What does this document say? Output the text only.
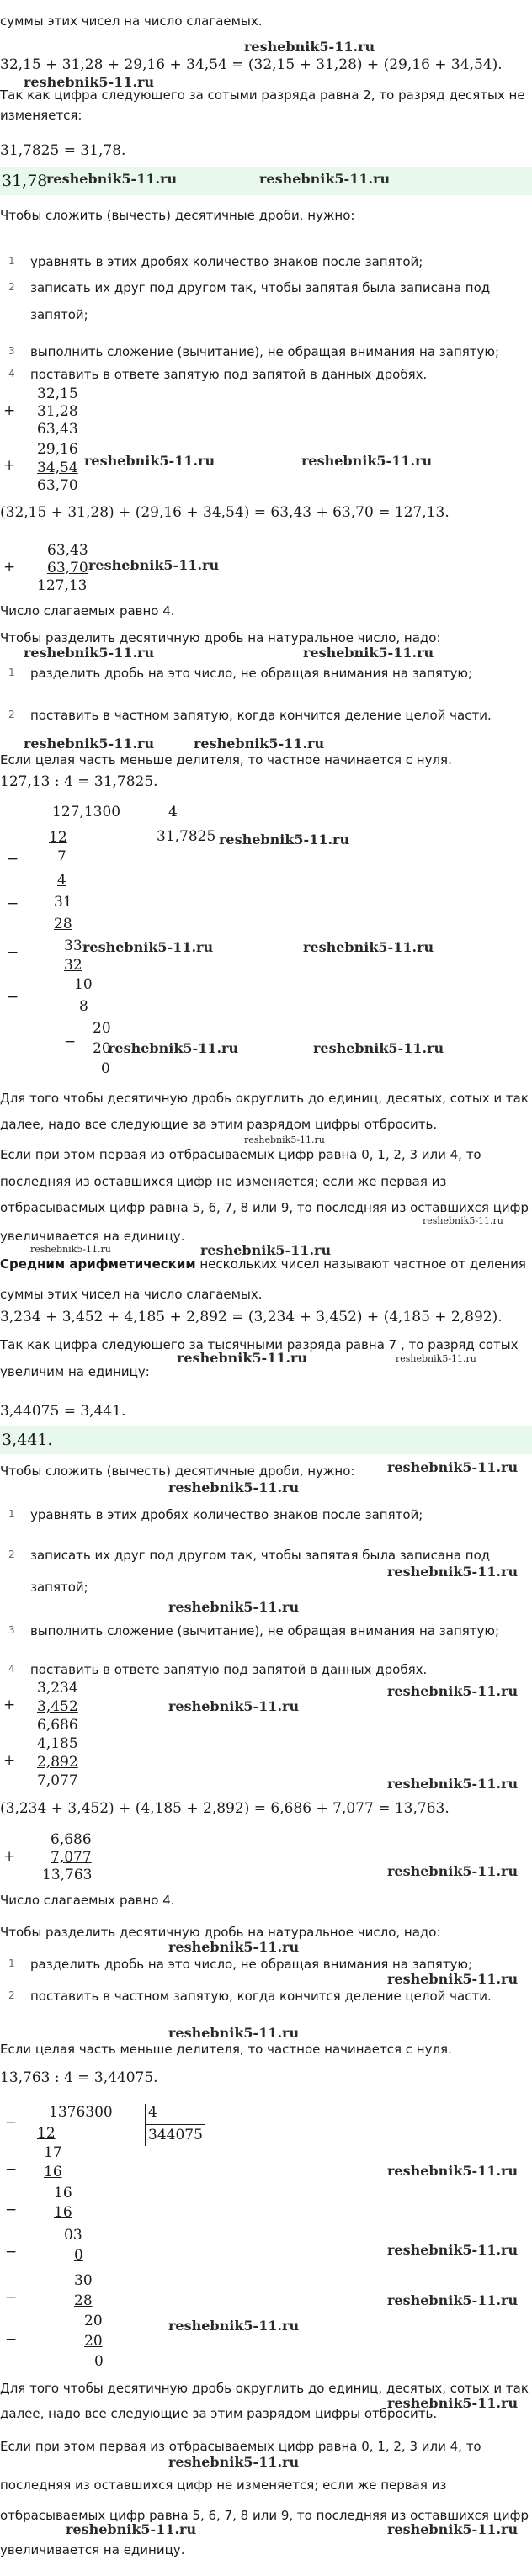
суммы этих чисел на число слагаемых.
reshebnik5-11.ru
32,15 + 31,28 + 29,16 + 34,54 = (32,15 + 31,28) + (29,16 + 34,54).
reshebnik5-11.ru
Так как цифра следующего за сотыми разряда равна 2, то разряд десятых не
изменяется:
31,7825 = 31,78.
31,78
reshebnik5-11.ru	reshebnik5-11.ru
Чтобы сложить (вычесть) десятичные дроби, нужно:
1 уравнять в этих дробях количество знаков после запятой;
2 записать их друг под другом так, чтобы запятая была записана под
запятой;
3 выполнить сложение (вычитание), не обращая внимания на запятую;
4 поставить в ответе запятую под запятой в данных дробях.
+
32,15
31,28
63,43
+
29,16
34,54
63,70
reshebnik5-11.ru	reshebnik5-11.ru
(32,15 + 31,28) + (29,16 + 34,54) = 63,43 + 63,70 = 127,13.
+
63,43
63,70
127,13
reshebnik5-11.ru
Число слагаемых равно 4.
Чтобы разделить десятичную дробь на натуральное число, надо:
reshebnik5-11.ru	reshebnik5-11.ru
1 разделить дробь на это число, не обращая внимания на запятую;
2 поставить в частном запятую, когда кончится деление целой части.
reshebnik5-11.ru	reshebnik5-11.ru
Если целая часть меньше делителя, то частное начинается с нуля.
127,13 : 4 = 31,7825.
127,1300	4
31,7825 reshebnik5-11.ru
−
12
7
−
4
31
−
28
33
32
reshebnik5-11.ru	reshebnik5-11.ru
10
−
8
20
− 20
0
reshebnik5-11.ru	reshebnik5-11.ru
Для того чтобы десятичную дробь округлить до единиц, десятых, сотых и так
далее, надо все следующие за этим разрядом цифры отбросить.
Если при этом первая из отбрасываемых цифр равна 0, 1, 2, 3 или 4, то
reshebnik5-11.ru
последняя из оставшихся цифр не изменяется; если же первая из
отбрасываемых цифр равна 5, 6, 7, 8 или 9, то последняя из оставшихся цифр
reshebnik5-11.ru
увеличивается на единицу.
reshebnik5-11.ru	reshebnik5-11.ru
Средним арифметическим нескольких чисел называют частное от деления
суммы этих чисел на число слагаемых.
3,234 + 3,452 + 4,185 + 2,892 = (3,234 + 3,452) + (4,185 + 2,892).
Так как цифра следующего за тысячными разряда равна 7 , то разряд сотых
reshebnik5-11.ru	reshebnik5-11.ru
увеличим на единицу:
3,44075 = 3,441.
3,441.
Чтобы сложить (вычесть) десятичные дроби, нужно: reshebnik5-11.ru
reshebnik5-11.ru
1 уравнять в этих дробях количество знаков после запятой;
2 записать их друг под другом так, чтобы запятая была записана под
reshebnik5-11.ru
запятой;
reshebnik5-11.ru
3 выполнить сложение (вычитание), не обращая внимания на запятую;
4 поставить в ответе запятую под запятой в данных дробях.
+
3,234
3,452
6,686
reshebnik5-11.ru
reshebnik5-11.ru
+
4,185
2,892
7,077	reshebnik5-11.ru
(3,234 + 3,452) + (4,185 + 2,892) = 6,686 + 7,077 = 13,763.
+
6,686
7,077
13,763	reshebnik5-11.ru
Число слагаемых равно 4.
Чтобы разделить десятичную дробь на натуральное число, надо:
reshebnik5-11.ru
1 разделить дробь на это число, не обращая внимания на запятую;
reshebnik5-11.ru
2 поставить в частном запятую, когда кончится деление целой части.
reshebnik5-11.ru
Если целая часть меньше делителя, то частное начинается с нуля.
13,763 : 4 = 3,44075.
1376300 4
344075
−
12
17
− 16	reshebnik5-11.ru
16
−	16
03
−	0	reshebnik5-11.ru
30
−	28	reshebnik5-11.ru
20
−	20
0
reshebnik5-11.ru
Для того чтобы десятичную дробь округлить до единиц, десятых, сотых и так
reshebnik5-11.ru
далее, надо все следующие за этим разрядом цифры отбросить.
Если при этом первая из отбрасываемых цифр равна 0, 1, 2, 3 или 4, то
reshebnik5-11.ru
последняя из оставшихся цифр не изменяется; если же первая из
отбрасываемых цифр равна 5, 6, 7, 8 или 9, то последняя из оставшихся цифр
reshebnik5-11.ru	reshebnik5-11.ru
увеличивается на единицу.
